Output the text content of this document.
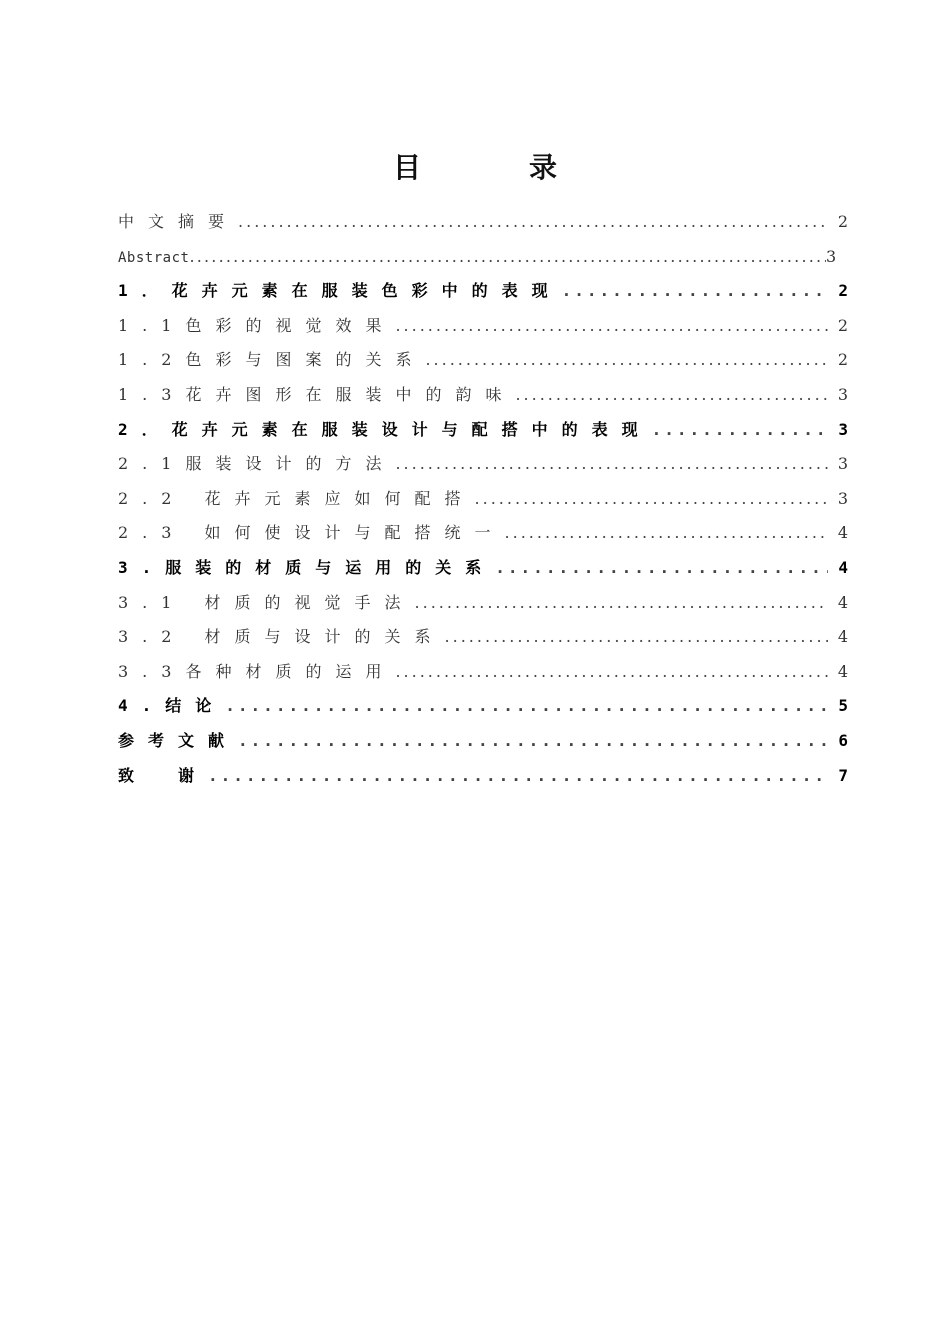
目　录
中文摘要 .....	2
Abstract .....	3
1．花卉元素在服装色彩中的表现 .....	2
1.1色彩的视觉效果 .....	2
1.2色彩与图案的关系 .....	2
1.3花卉图形在服装中的韵味 .....	3
2．花卉元素在服装设计与配搭中的表现 .....	3
2.1服装设计的方法 .....	3
2.2 花卉元素应如何配搭 .....	3
2.3 如何使设计与配搭统一 .....	4
3.服装的材质与运用的关系 .....	4
3.1 材质的视觉手法 .....	4
3.2 材质与设计的关系 .....	4
3.3各种材质的运用 .....	4
4.结论 .....	5
参考文献 .....	6
致　谢 .....	7
